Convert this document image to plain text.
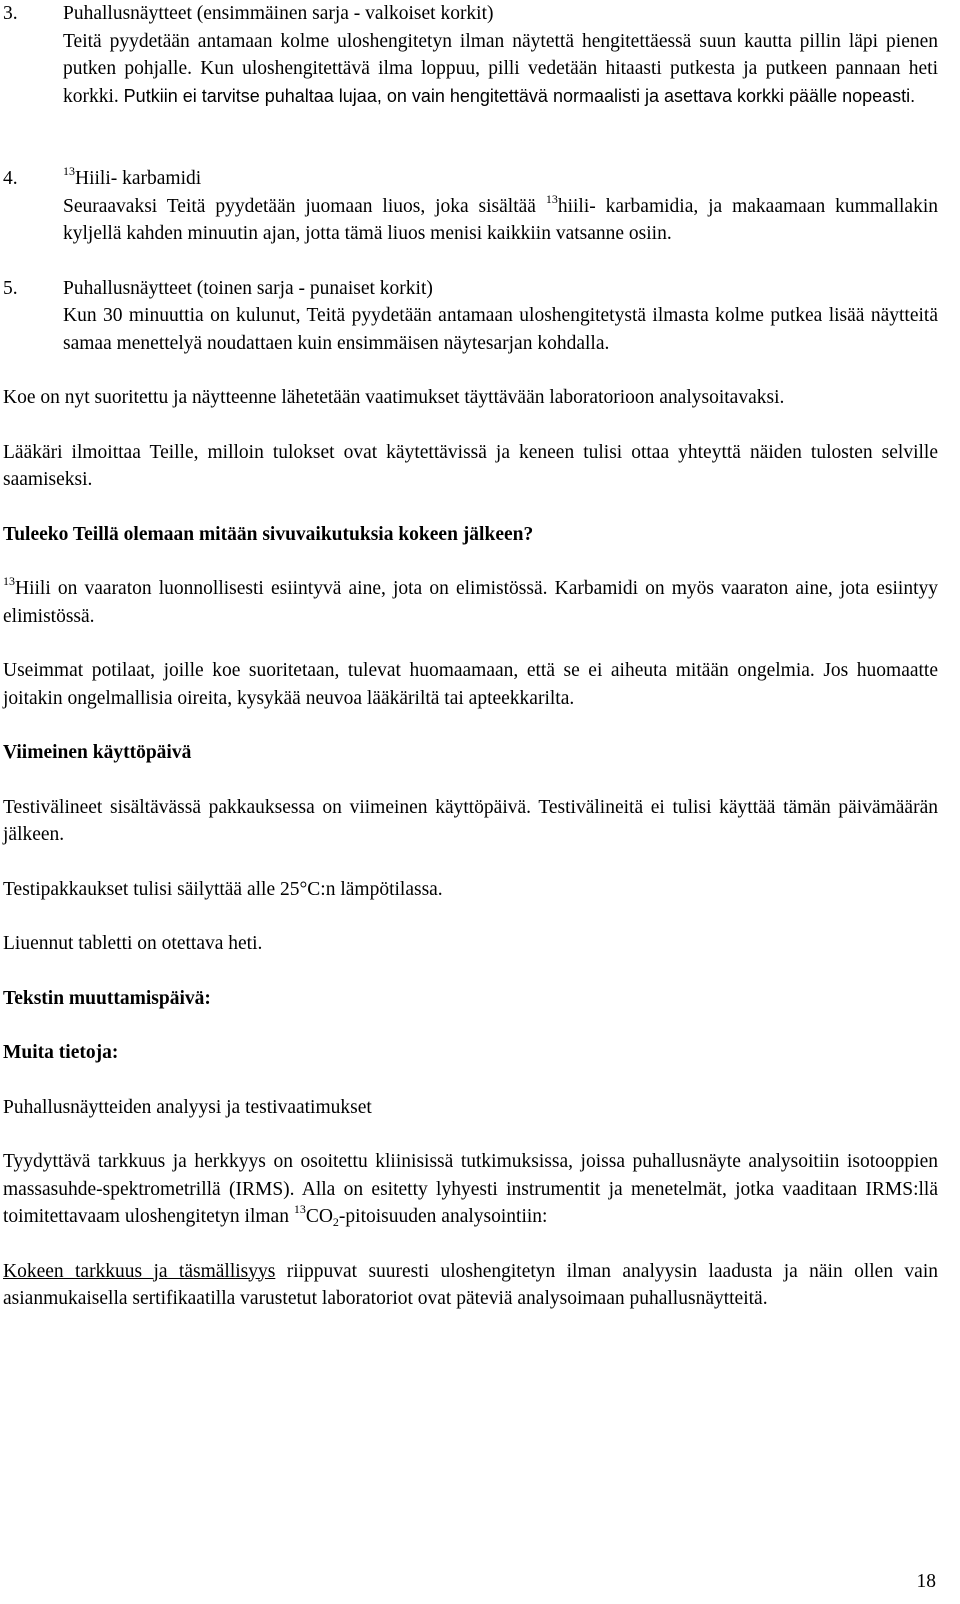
3. Puhallusnäytteet (ensimmäinen sarja - valkoiset korkit)

Teitä pyydetään antamaan kolme uloshengitetyn ilman näytettä hengitettäessä suun kautta pillin läpi pienen putken pohjalle. Kun uloshengitettävä ilma loppuu, pilli vedetään hitaasti putkesta ja putkeen pannaan heti korkki. Putkiin ei tarvitse puhaltaa lujaa, on vain hengitettävä normaalisti ja asettava korkki päälle nopeasti.

4.	$^{13}$Hiili- karbamidi

Seuraavaksi Teitä pyydetään juomaan liuos, joka sisältää $^{13}$hiili- karbamidia, ja makaamaan kummallakin kyljellä kahden minuutin ajan, jotta tämä liuos menisi kaikkiin vatsanne osiin.

5. Puhallusnäytteet (toinen sarja - punaiset korkit)

Kun 30 minuuttia on kulunut, Teitä pyydetään antamaan uloshengitetystä ilmasta kolme putkea lisää näytteitä samaa menettelyä noudattaen kuin ensimmäisen näytesarjan kohdalla.

Koe on nyt suoritettu ja näytteenne lähetetään vaatimukset täyttävään laboratorioon analysoitavaksi.

Lääkäri ilmoittaa Teille, milloin tulokset ovat käytettävissä ja keneen tulisi ottaa yhteyttä näiden tulosten selville saamiseksi.

Tuleeko Teillä olemaan mitään sivuvaikutuksia kokeen jälkeen?

$^{13}$Hiili on vaaraton luonnollisesti esiintyvä aine, jota on elimistössä. Karbamidi on myös vaaraton aine, jota esiintyy elimistössä.

Useimmat potilaat, joille koe suoritetaan, tulevat huomaamaan, että se ei aiheuta mitään ongelmia. Jos huomaatte joitakin ongelmallisia oireita, kysykää neuvoa lääkäriltä tai apteekkarilta.

Viimeinen käyttöpäivä

Testivälineet sisältävässä pakkauksessa on viimeinen käyttöpäivä. Testivälineitä ei tulisi käyttää tämän päivämäärän jälkeen.

Testipakkaukset tulisi säilyttää alle 25°C:n lämpötilassa.

Liuennut tabletti on otettava heti.

Tekstin muuttamispäivä:

Muita tietoja:

Puhallusnäytteiden analyysi ja testivaatimukset

Tyydyttävä tarkkuus ja herkkyys on osoitettu kliinisissä tutkimuksissa, joissa puhallusnäyte analysoitiin isotooppien massasuhde-spektrometrillä (IRMS). Alla on esitetty lyhyesti instrumentit ja menetelmät, jotka vaaditaan IRMS:llä toimitettavaam uloshengitetyn ilman $^{13}CO_2$-pitoisuuden analysointiin:

Kokeen tarkkuus ja täsmällisyys riippuvat suuresti uloshengitetyn ilman analyysin laadusta ja näin ollen vain asianmukaisella sertifikaatilla varustetut laboratoriot ovat päteviä analysoimaan puhallusnäytteitä.

18
